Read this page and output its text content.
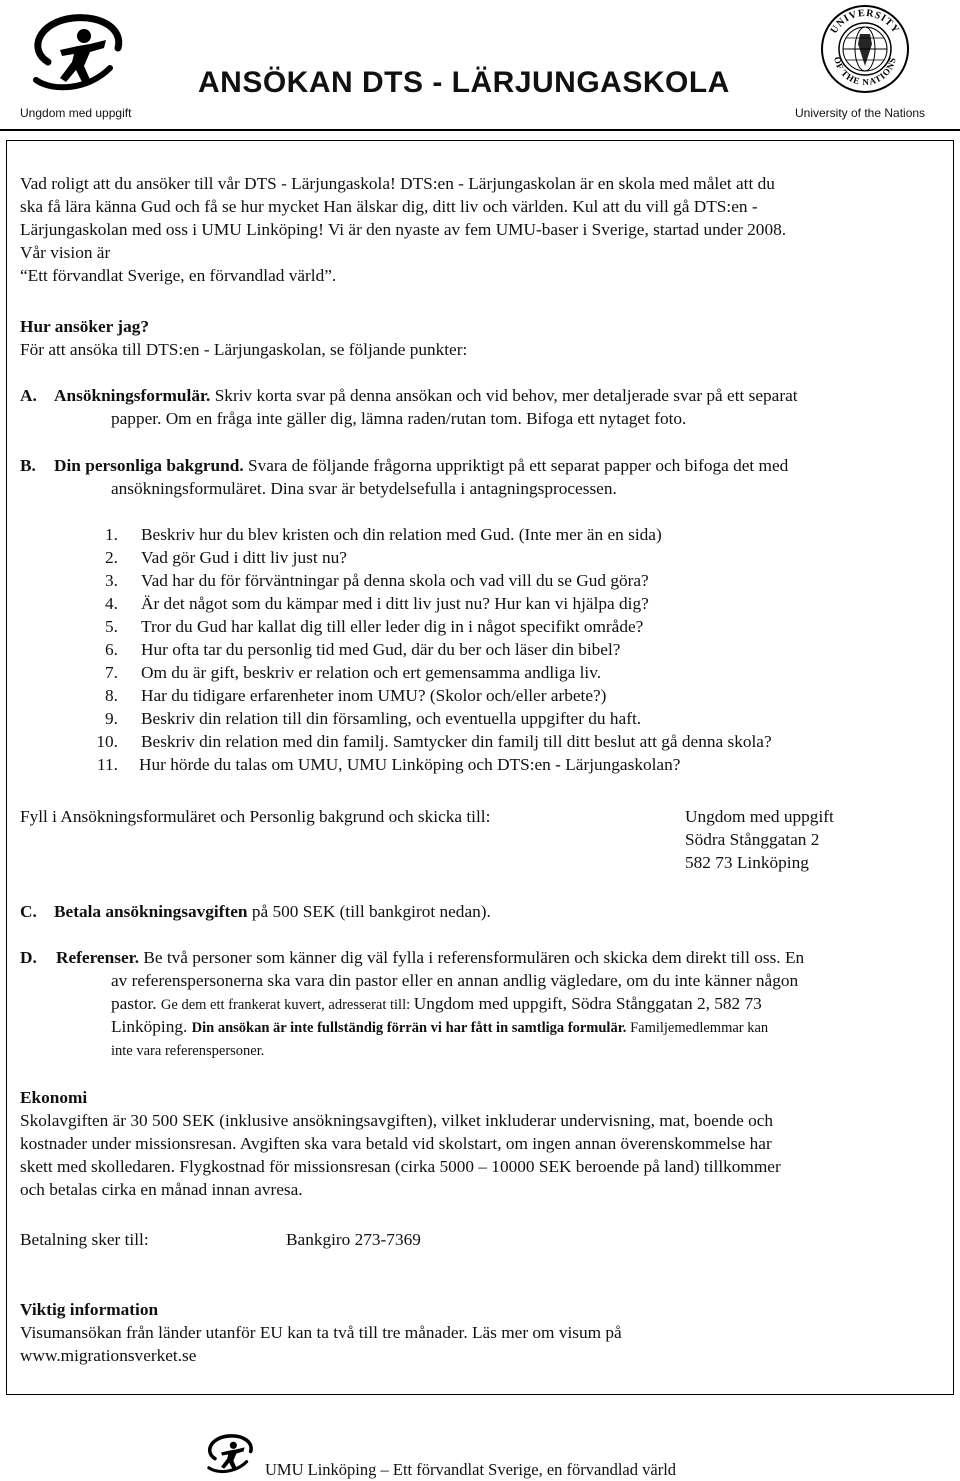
Ungdom med uppgift
ANSÖKAN DTS - LÄRJUNGASKOLA
UNIVERSITY
OF THE NATIONS
University of the Nations
Vad roligt att du ansöker till vår DTS - Lärjungaskola! DTS:en - Lärjungaskolan är en skola med målet att du
ska få lära känna Gud och få se hur mycket Han älskar dig, ditt liv och världen. Kul att du vill gå DTS:en -
Lärjungaskolan med oss i UMU Linköping! Vi är den nyaste av fem UMU-baser i Sverige, startad under 2008.
Vår vision är
“Ett förvandlat Sverige, en förvandlad värld”.
Hur ansöker jag?
För att ansöka till DTS:en - Lärjungaskolan, se följande punkter:
A. Ansökningsformulär. Skriv korta svar på denna ansökan och vid behov, mer detaljerade svar på ett separat
papper. Om en fråga inte gäller dig, lämna raden/rutan tom. Bifoga ett nytaget foto.
B. Din personliga bakgrund. Svara de följande frågorna uppriktigt på ett separat papper och bifoga det med
ansökningsformuläret. Dina svar är betydelsefulla i antagningsprocessen.
1. Beskriv hur du blev kristen och din relation med Gud. (Inte mer än en sida)
2. Vad gör Gud i ditt liv just nu?
3. Vad har du för förväntningar på denna skola och vad vill du se Gud göra?
4. Är det något som du kämpar med i ditt liv just nu? Hur kan vi hjälpa dig?
5. Tror du Gud har kallat dig till eller leder dig in i något specifikt område?
6. Hur ofta tar du personlig tid med Gud, där du ber och läser din bibel?
7. Om du är gift, beskriv er relation och ert gemensamma andliga liv.
8. Har du tidigare erfarenheter inom UMU? (Skolor och/eller arbete?)
9. Beskriv din relation till din församling, och eventuella uppgifter du haft.
10. Beskriv din relation med din familj. Samtycker din familj till ditt beslut att gå denna skola?
11. Hur hörde du talas om UMU, UMU Linköping och DTS:en - Lärjungaskolan?
Fyll i Ansökningsformuläret och Personlig bakgrund och skicka till:	Ungdom med uppgift
Södra Stånggatan 2
582 73 Linköping
C. Betala ansökningsavgiften på 500 SEK (till bankgirot nedan).
D. Referenser. Be två personer som känner dig väl fylla i referensformulären och skicka dem direkt till oss. En
av referenspersonerna ska vara din pastor eller en annan andlig vägledare, om du inte känner någon
pastor. Ge dem ett frankerat kuvert, adresserat till: Ungdom med uppgift, Södra Stånggatan 2, 582 73
Linköping. Din ansökan är inte fullständig förrän vi har fått in samtliga formulär. Familjemedlemmar kan
inte vara referenspersoner.
Ekonomi
Skolavgiften är 30 500 SEK (inklusive ansökningsavgiften), vilket inkluderar undervisning, mat, boende och
kostnader under missionsresan. Avgiften ska vara betald vid skolstart, om ingen annan överenskommelse har
skett med skolledaren. Flygkostnad för missionsresan (cirka 5000 – 10000 SEK beroende på land) tillkommer
och betalas cirka en månad innan avresa.
Betalning sker till:	Bankgiro 273-7369
Viktig information
Visumansökan från länder utanför EU kan ta två till tre månader. Läs mer om visum på
www.migrationsverket.se
UMU Linköping – Ett förvandlat Sverige, en förvandlad värld
